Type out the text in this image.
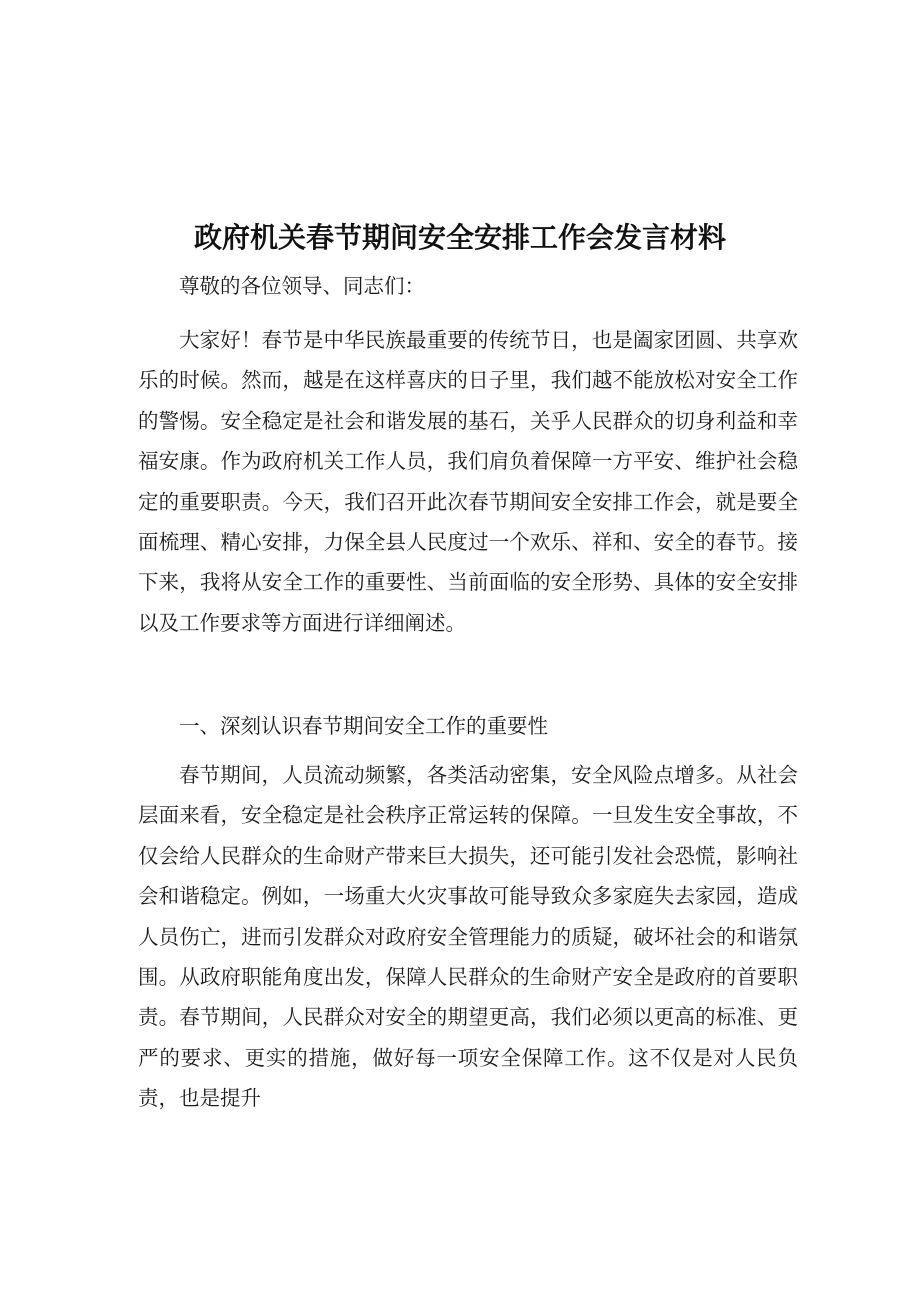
政府机关春节期间安全安排工作会发言材料
尊敬的各位领导、同志们：
大家好！春节是中华民族最重要的传统节日，也是阖家团圆、共享欢乐的时候。然而，越是在这样喜庆的日子里，我们越不能放松对安全工作的警惕。安全稳定是社会和谐发展的基石，关乎人民群众的切身利益和幸福安康。作为政府机关工作人员，我们肩负着保障一方平安、维护社会稳定的重要职责。今天，我们召开此次春节期间安全安排工作会，就是要全面梳理、精心安排，力保全县人民度过一个欢乐、祥和、安全的春节。接下来，我将从安全工作的重要性、当前面临的安全形势、具体的安全安排以及工作要求等方面进行详细阐述。
一、深刻认识春节期间安全工作的重要性
春节期间，人员流动频繁，各类活动密集，安全风险点增多。从社会层面来看，安全稳定是社会秩序正常运转的保障。一旦发生安全事故，不仅会给人民群众的生命财产带来巨大损失，还可能引发社会恐慌，影响社会和谐稳定。例如，一场重大火灾事故可能导致众多家庭失去家园，造成人员伤亡，进而引发群众对政府安全管理能力的质疑，破坏社会的和谐氛围。从政府职能角度出发，保障人民群众的生命财产安全是政府的首要职责。春节期间，人民群众对安全的期望更高，我们必须以更高的标准、更严的要求、更实的措施，做好每一项安全保障工作。这不仅是对人民负责，也是提升
